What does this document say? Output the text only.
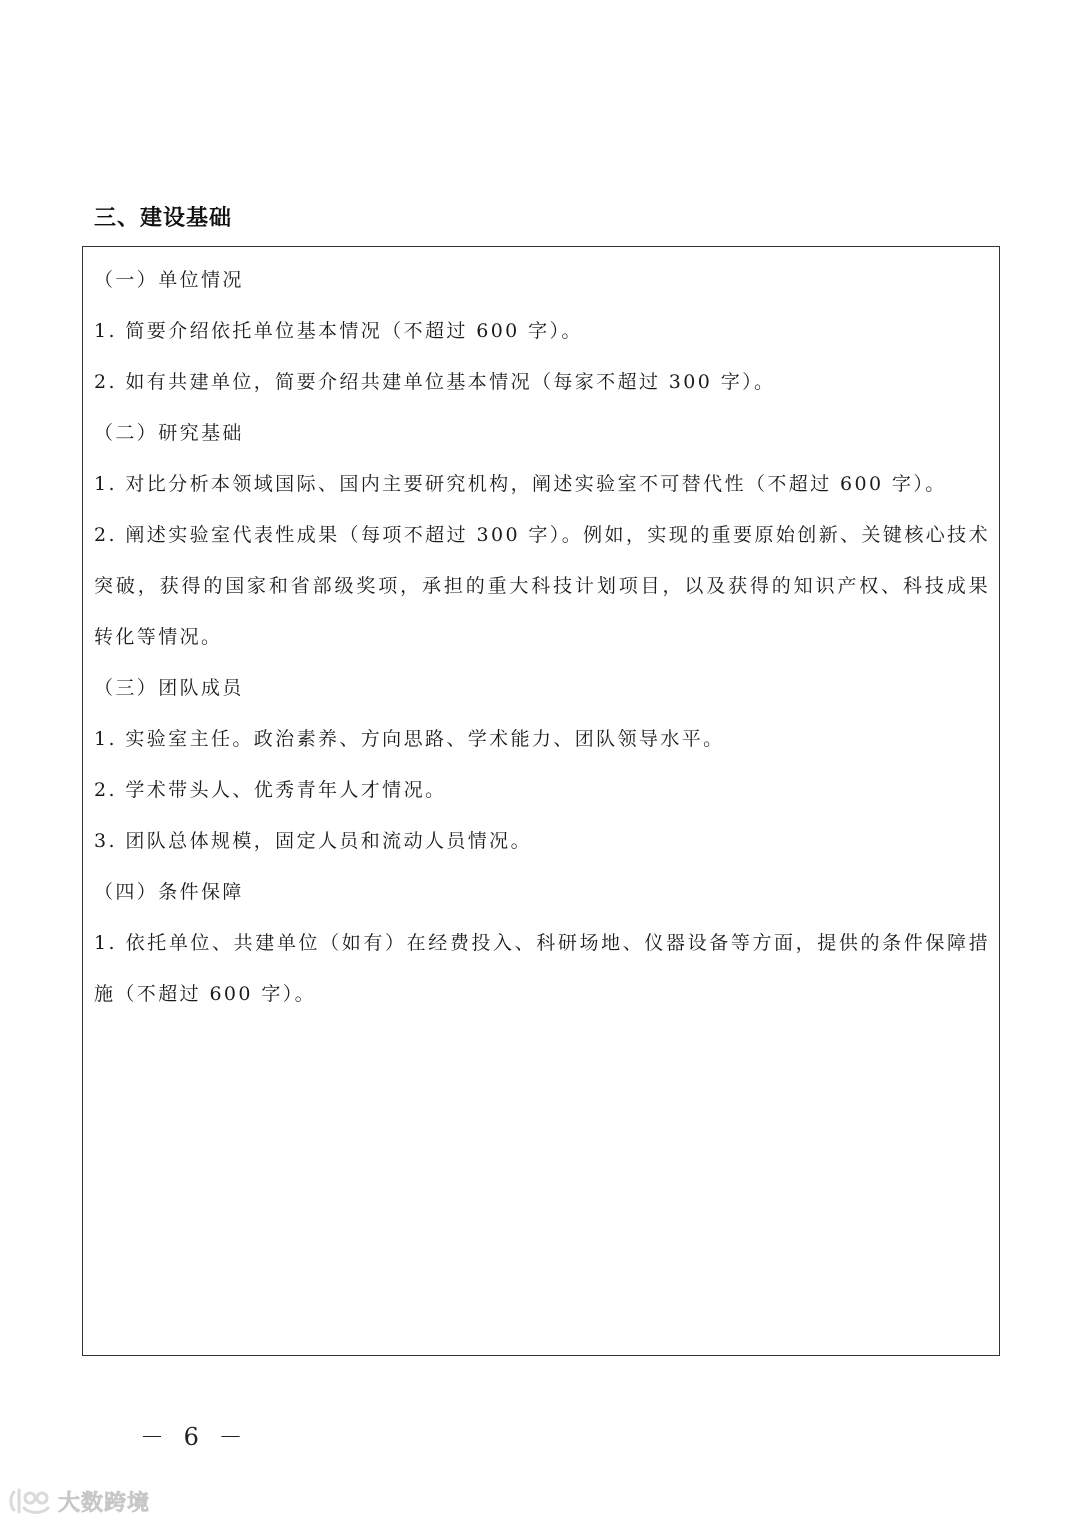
三、建设基础

（一）单位情况

1. 简要介绍依托单位基本情况（不超过 600 字）。

2. 如有共建单位，简要介绍共建单位基本情况（每家不超过 300 字）。

（二）研究基础

1. 对比分析本领域国际、国内主要研究机构，阐述实验室不可替代性（不超过 600 字）。

2. 阐述实验室代表性成果（每项不超过 300 字）。例如，实现的重要原始创新、关键核心技术突破，获得的国家和省部级奖项，承担的重大科技计划项目，以及获得的知识产权、科技成果转化等情况。

（三）团队成员

1. 实验室主任。政治素养、方向思路、学术能力、团队领导水平。

2. 学术带头人、优秀青年人才情况。

3. 团队总体规模，固定人员和流动人员情况。

（四）条件保障

1. 依托单位、共建单位（如有）在经费投入、科研场地、仪器设备等方面，提供的条件保障措施（不超过 600 字）。

－ 6 －
大数跨境
